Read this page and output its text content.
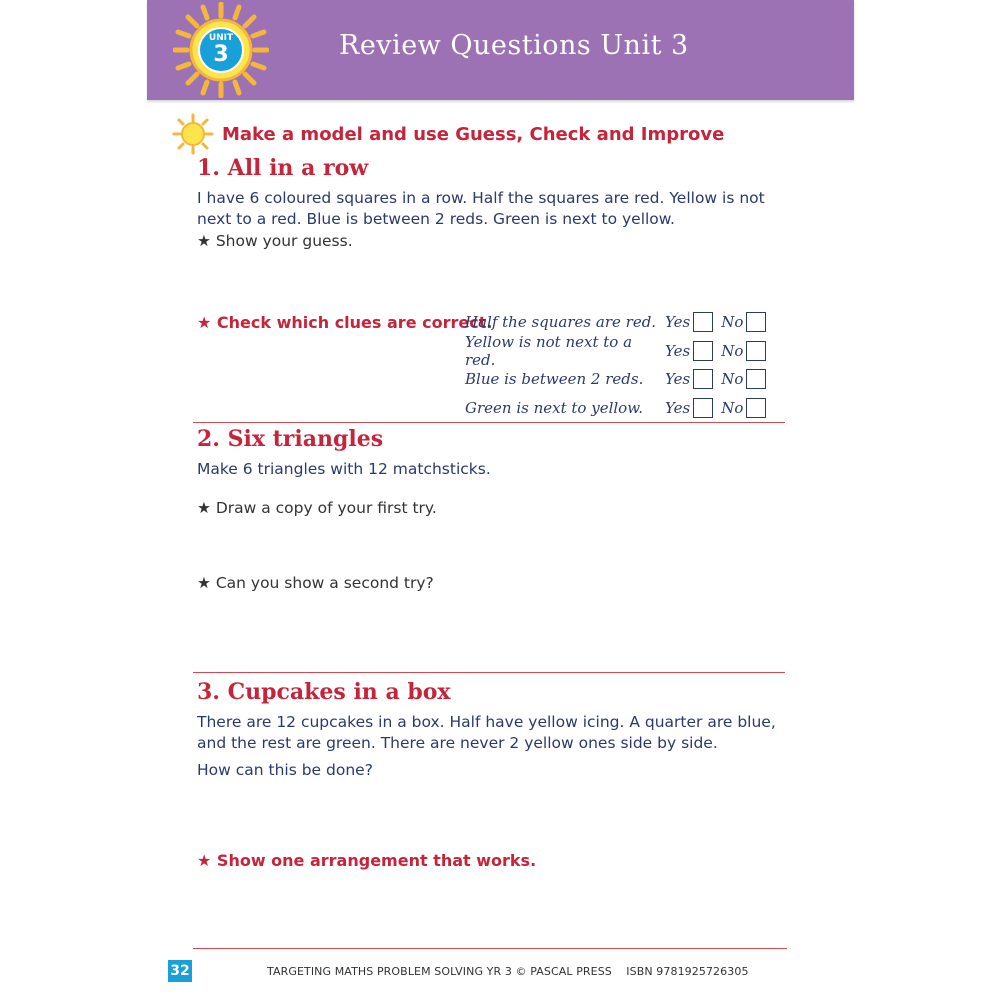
UNIT
3	Review Questions Unit 3
Make a model and use Guess, Check and Improve
1. All in a row
I have 6 coloured squares in a row. Half the squares are red. Yellow is not next to a red. Blue is between 2 reds. Green is next to yellow.
★ Show your guess.
★ Check which clues are correct.
Half the squares are red. Yes No
Yellow is not next to a red.	Yes No
Blue is between 2 reds.	Yes No
Green is next to yellow.	Yes No
2. Six triangles
Make 6 triangles with 12 matchsticks.
★ Draw a copy of your first try.
★ Can you show a second try?
3. Cupcakes in a box
There are 12 cupcakes in a box. Half have yellow icing. A quarter are blue, and the rest are green. There are never 2 yellow ones side by side.
How can this be done?
★ Show one arrangement that works.
32	TARGETING MATHS PROBLEM SOLVING YR 3 © PASCAL PRESS    ISBN 9781925726305
